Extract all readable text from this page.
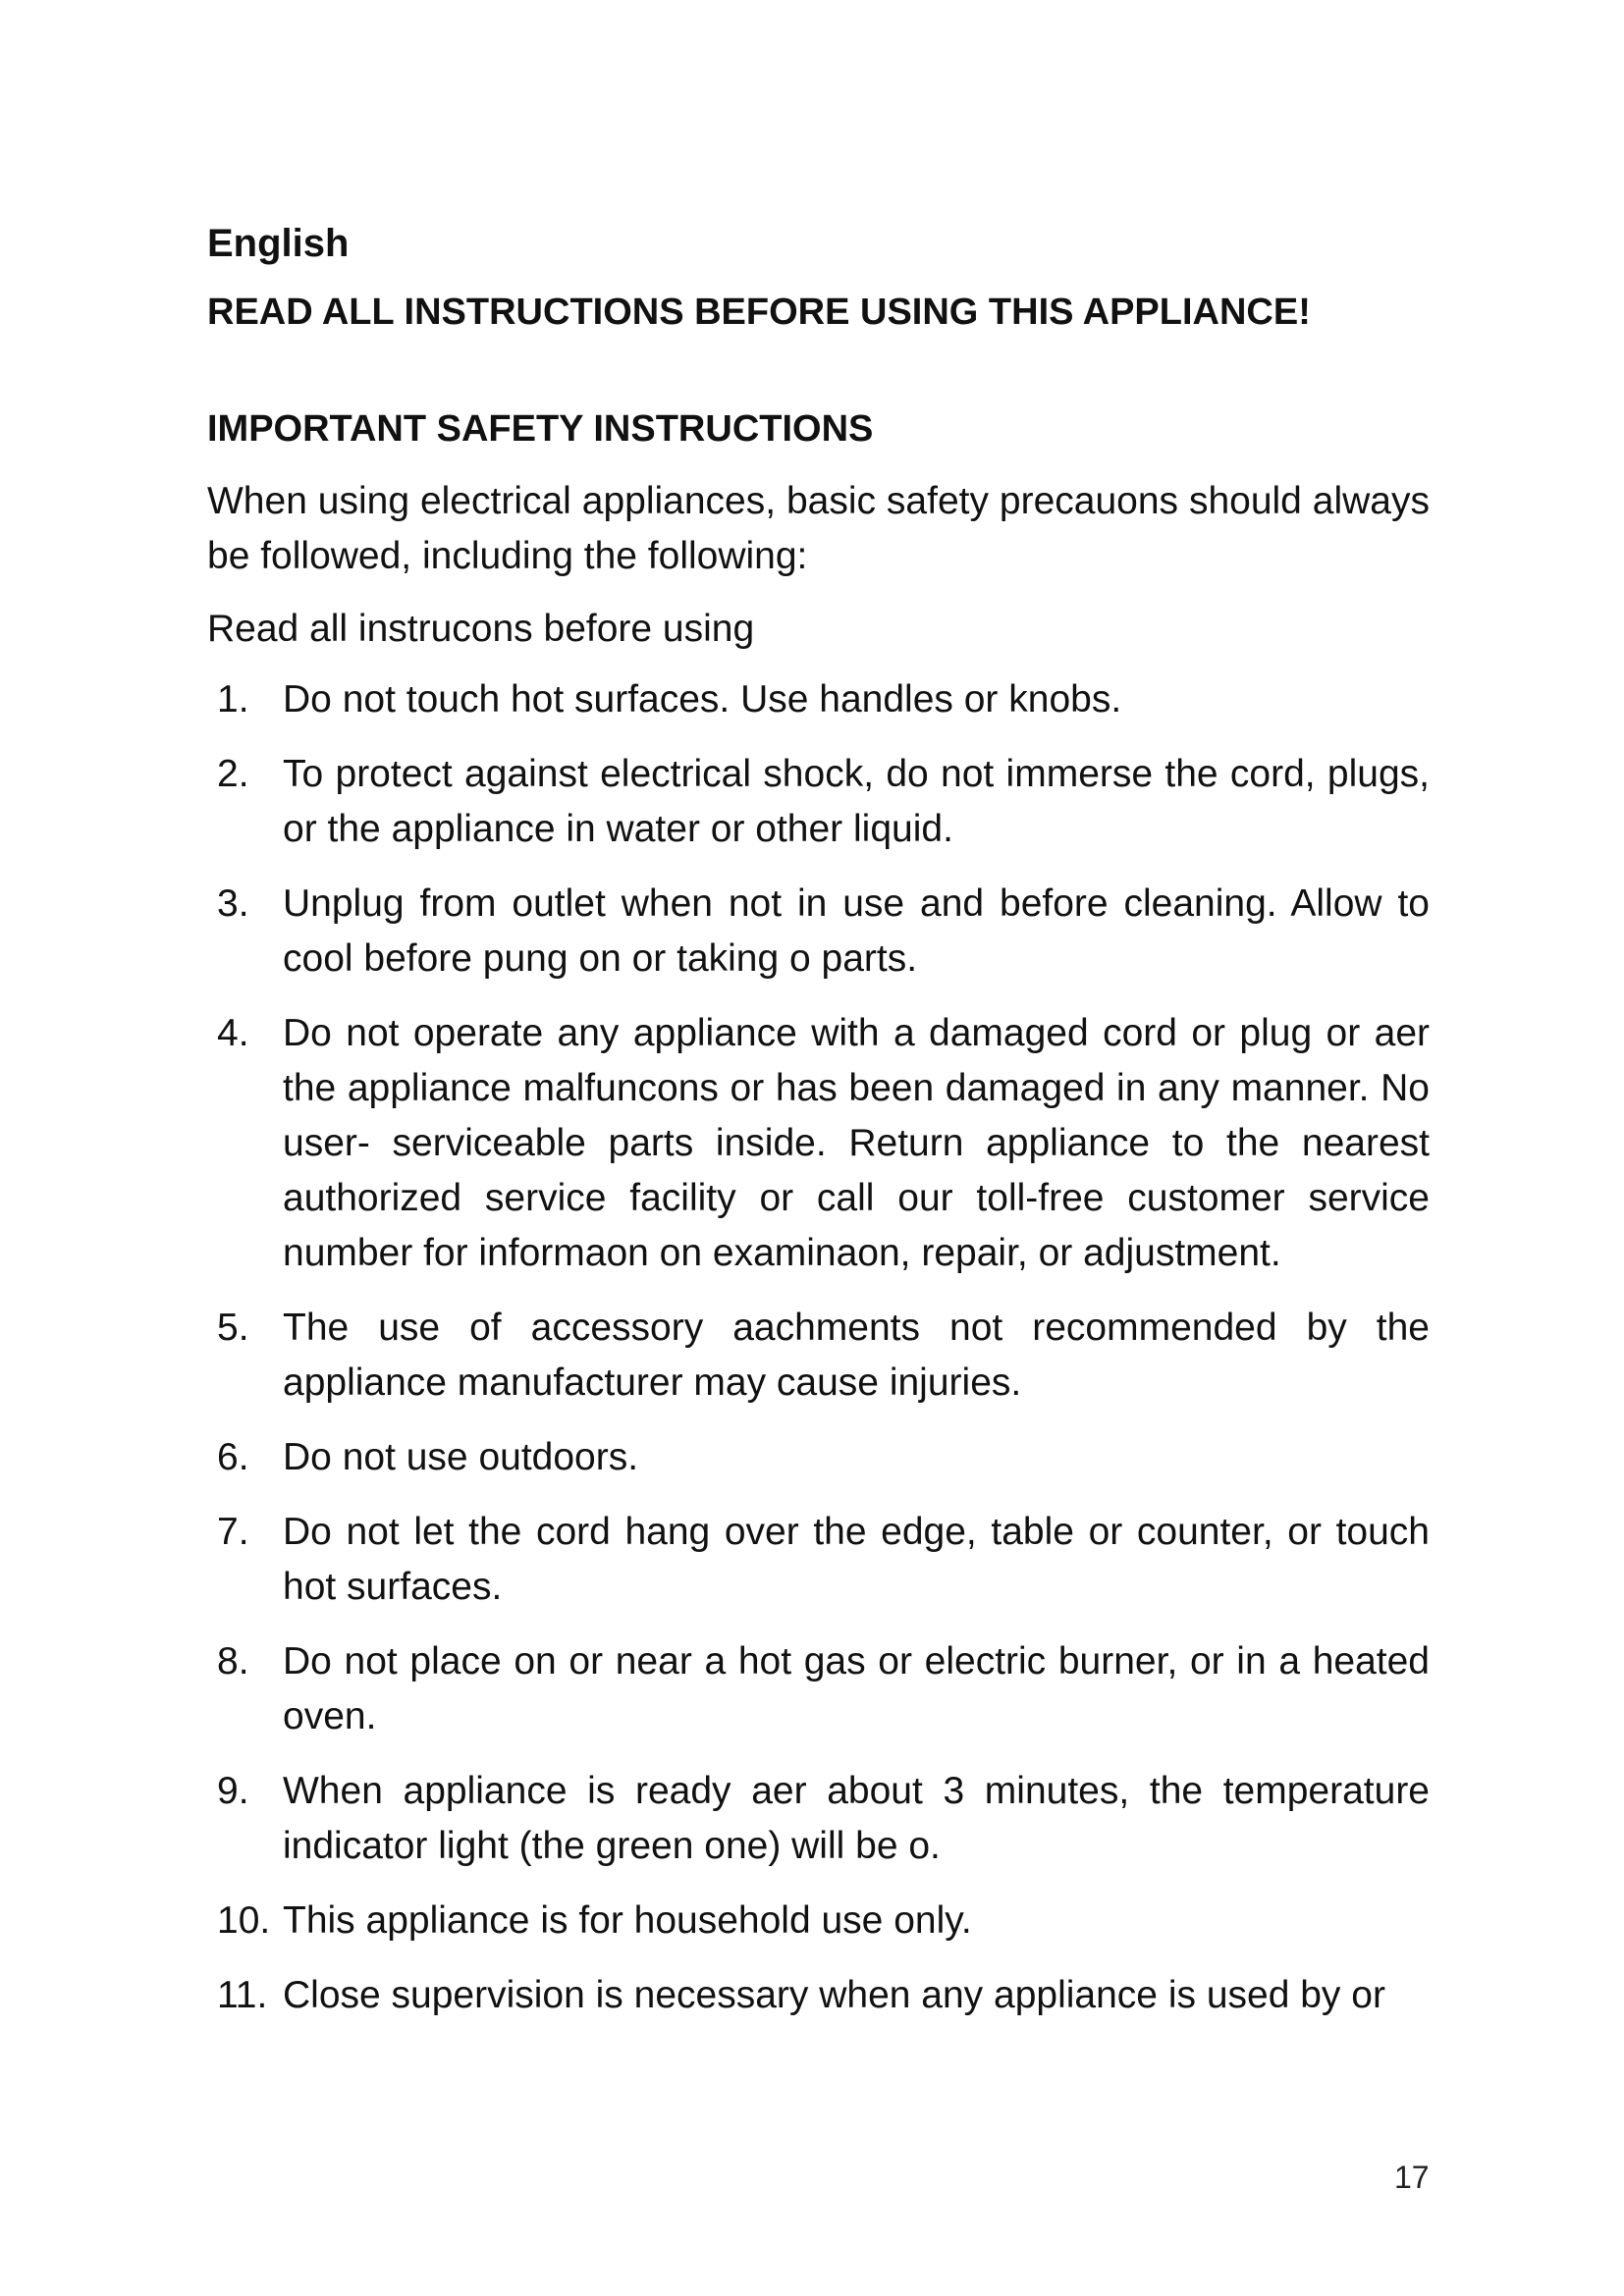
English

READ ALL INSTRUCTIONS BEFORE USING THIS APPLIANCE!

IMPORTANT SAFETY INSTRUCTIONS

When using electrical appliances, basic safety precauons should always be followed, including the following:

Read all instrucons before using

1. Do not touch hot surfaces. Use handles or knobs.
2. To protect against electrical shock, do not immerse the cord, plugs, or the appliance in water or other liquid.
3. Unplug from outlet when not in use and before cleaning. Allow to cool before pung on or taking o parts.
4. Do not operate any appliance with a damaged cord or plug or aer the appliance malfuncons or has been damaged in any manner. No user- serviceable parts inside. Return appliance to the nearest authorized service facility or call our toll-free customer service number for informaon on examinaon, repair, or adjustment.
5. The use of accessory aachments not recommended by the appliance manufacturer may cause injuries.
6. Do not use outdoors.
7. Do not let the cord hang over the edge, table or counter, or touch hot surfaces.
8. Do not place on or near a hot gas or electric burner, or in a heated oven.
9. When appliance is ready aer about 3 minutes, the temperature indicator light (the green one) will be o.
10. This appliance is for household use only.
11. Close supervision is necessary when any appliance is used by or
17
